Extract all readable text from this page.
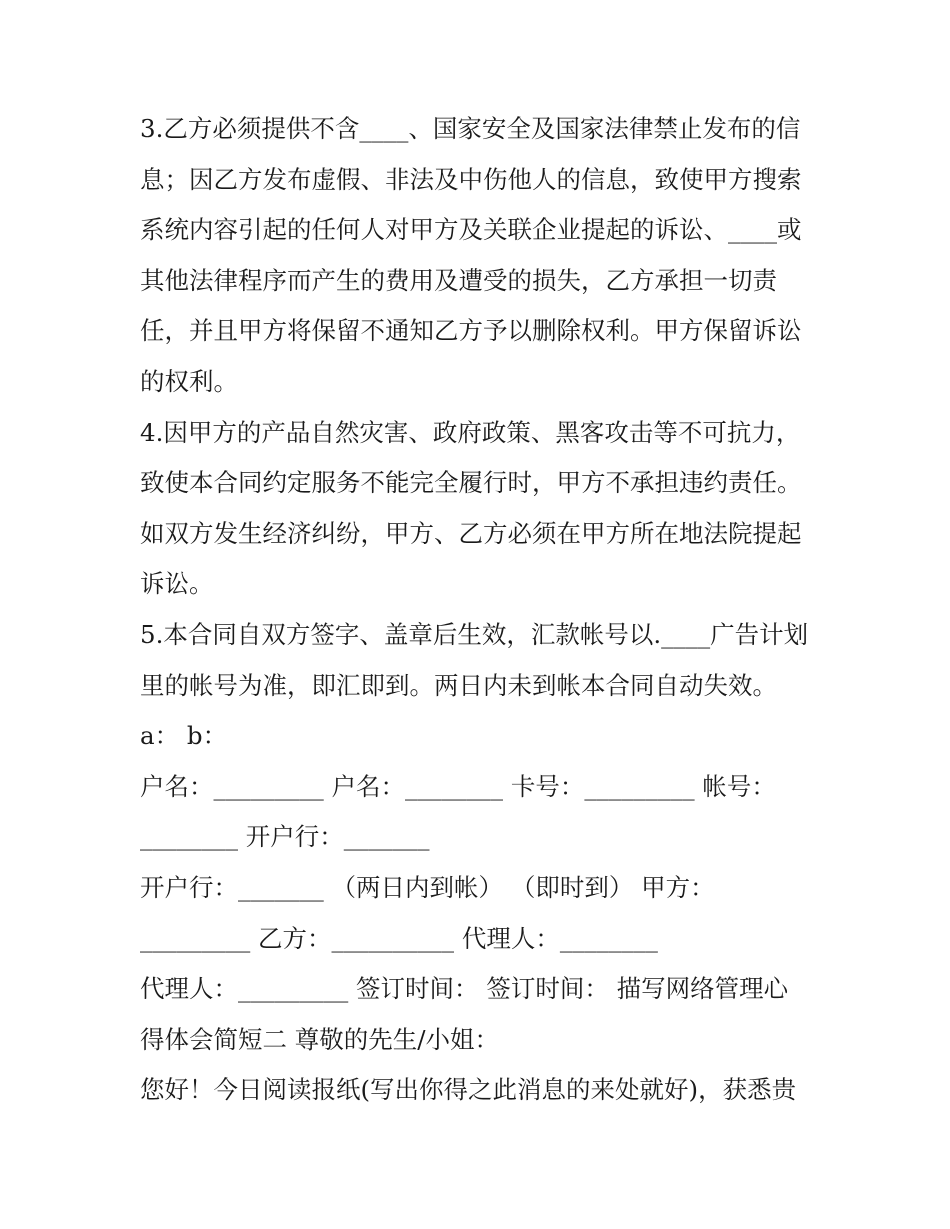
3.乙方必须提供不含____、国家安全及国家法律禁止发布的信
息；因乙方发布虚假、非法及中伤他人的信息，致使甲方搜索
系统内容引起的任何人对甲方及关联企业提起的诉讼、____或
其他法律程序而产生的费用及遭受的损失，乙方承担一切责
任，并且甲方将保留不通知乙方予以删除权利。甲方保留诉讼
的权利。
4.因甲方的产品自然灾害、政府政策、黑客攻击等不可抗力，
致使本合同约定服务不能完全履行时，甲方不承担违约责任。
如双方发生经济纠纷，甲方、乙方必须在甲方所在地法院提起
诉讼。
5.本合同自双方签字、盖章后生效，汇款帐号以.____广告计划
里的帐号为准，即汇即到。两日内未到帐本合同自动失效。
a： b：
户名：_________ 户名：________ 卡号：_________ 帐号：
________ 开户行：_______
开户行：_______ （两日内到帐） （即时到） 甲方：
_________ 乙方：__________ 代理人：________
代理人：_________ 签订时间： 签订时间： 描写网络管理心
得体会简短二 尊敬的先生/小姐：
您好！今日阅读报纸(写出你得之此消息的来处就好)，获悉贵
